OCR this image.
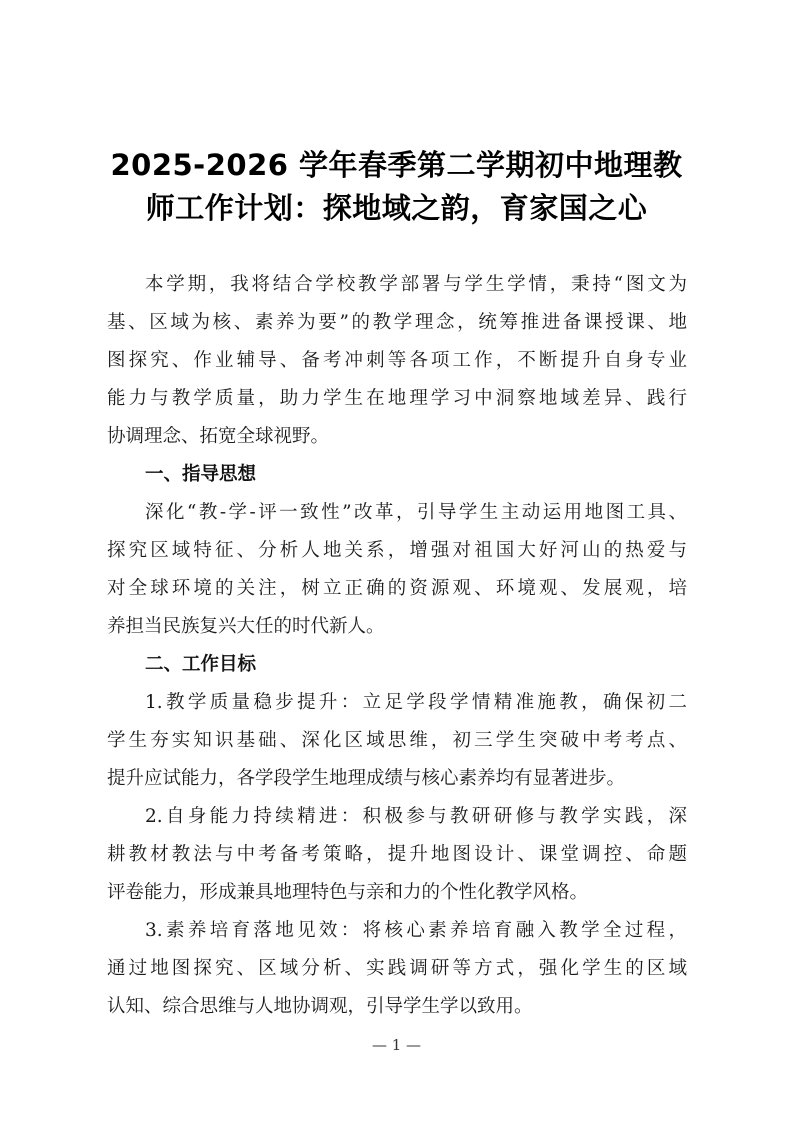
2025-2026 学年春季第二学期初中地理教
师工作计划：探地域之韵，育家国之心
本学期，我将结合学校教学部署与学生学情，秉持“图文为
基、区域为核、素养为要”的教学理念，统筹推进备课授课、地
图探究、作业辅导、备考冲刺等各项工作，不断提升自身专业
能力与教学质量，助力学生在地理学习中洞察地域差异、践行
协调理念、拓宽全球视野。
一、指导思想
深化“教-学-评一致性”改革，引导学生主动运用地图工具、
探究区域特征、分析人地关系，增强对祖国大好河山的热爱与
对全球环境的关注，树立正确的资源观、环境观、发展观，培
养担当民族复兴大任的时代新人。
二、工作目标
1.教学质量稳步提升：立足学段学情精准施教，确保初二
学生夯实知识基础、深化区域思维，初三学生突破中考考点、
提升应试能力，各学段学生地理成绩与核心素养均有显著进步。
2.自身能力持续精进：积极参与教研研修与教学实践，深
耕教材教法与中考备考策略，提升地图设计、课堂调控、命题
评卷能力，形成兼具地理特色与亲和力的个性化教学风格。
3.素养培育落地见效：将核心素养培育融入教学全过程，
通过地图探究、区域分析、实践调研等方式，强化学生的区域
认知、综合思维与人地协调观，引导学生学以致用。
— 1 —
